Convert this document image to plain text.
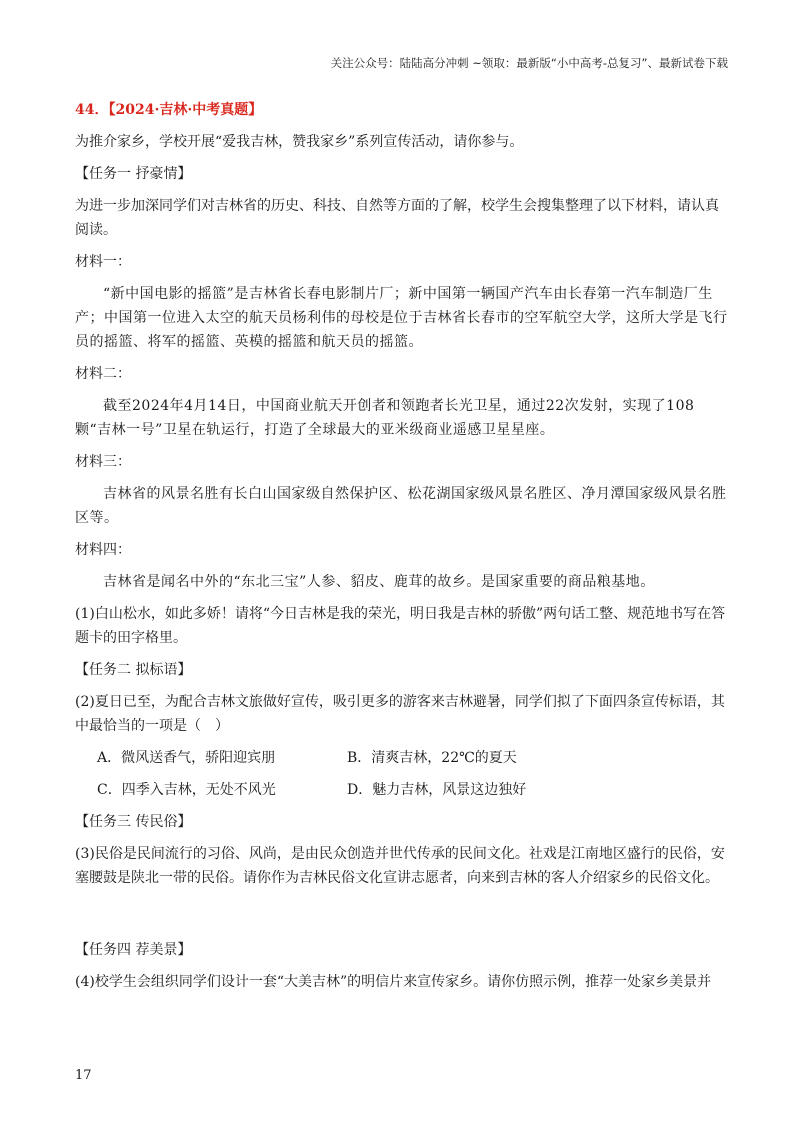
关注公众号：陆陆高分冲刺 ~领取：最新版“小中高考-总复习”、最新试卷下载

44．【2024·吉林·中考真题】

为推介家乡，学校开展“爱我吉林，赞我家乡”系列宣传活动，请你参与。

【任务一 抒豪情】

为进一步加深同学们对吉林省的历史、科技、自然等方面的了解，校学生会搜集整理了以下材料，请认真阅读。

材料一：

“新中国电影的摇篮”是吉林省长春电影制片厂；新中国第一辆国产汽车由长春第一汽车制造厂生产；中国第一位进入太空的航天员杨利伟的母校是位于吉林省长春市的空军航空大学，这所大学是飞行员的摇篮、将军的摇篮、英模的摇篮和航天员的摇篮。

材料二：

截至2024年4月14日，中国商业航天开创者和领跑者长光卫星，通过22次发射，实现了108颗“吉林一号”卫星在轨运行，打造了全球最大的亚米级商业遥感卫星星座。

材料三：

吉林省的风景名胜有长白山国家级自然保护区、松花湖国家级风景名胜区、净月潭国家级风景名胜区等。

材料四：

吉林省是闻名中外的“东北三宝”人参、貂皮、鹿茸的故乡。是国家重要的商品粮基地。

(1)白山松水，如此多娇！请将“今日吉林是我的荣光，明日我是吉林的骄傲”两句话工整、规范地书写在答题卡的田字格里。

【任务二 拟标语】

(2)夏日已至，为配合吉林文旅做好宣传，吸引更多的游客来吉林避暑，同学们拟了下面四条宣传标语，其中最恰当的一项是（　）

A．微风送香气，骄阳迎宾朋	B．清爽吉林，22℃的夏天
C．四季入吉林，无处不风光	D．魅力吉林，风景这边独好

【任务三 传民俗】

(3)民俗是民间流行的习俗、风尚，是由民众创造并世代传承的民间文化。社戏是江南地区盛行的民俗，安塞腰鼓是陕北一带的民俗。请你作为吉林民俗文化宣讲志愿者，向来到吉林的客人介绍家乡的民俗文化。

【任务四 荐美景】

(4)校学生会组织同学们设计一套“大美吉林”的明信片来宣传家乡。请你仿照示例，推荐一处家乡美景并

17
